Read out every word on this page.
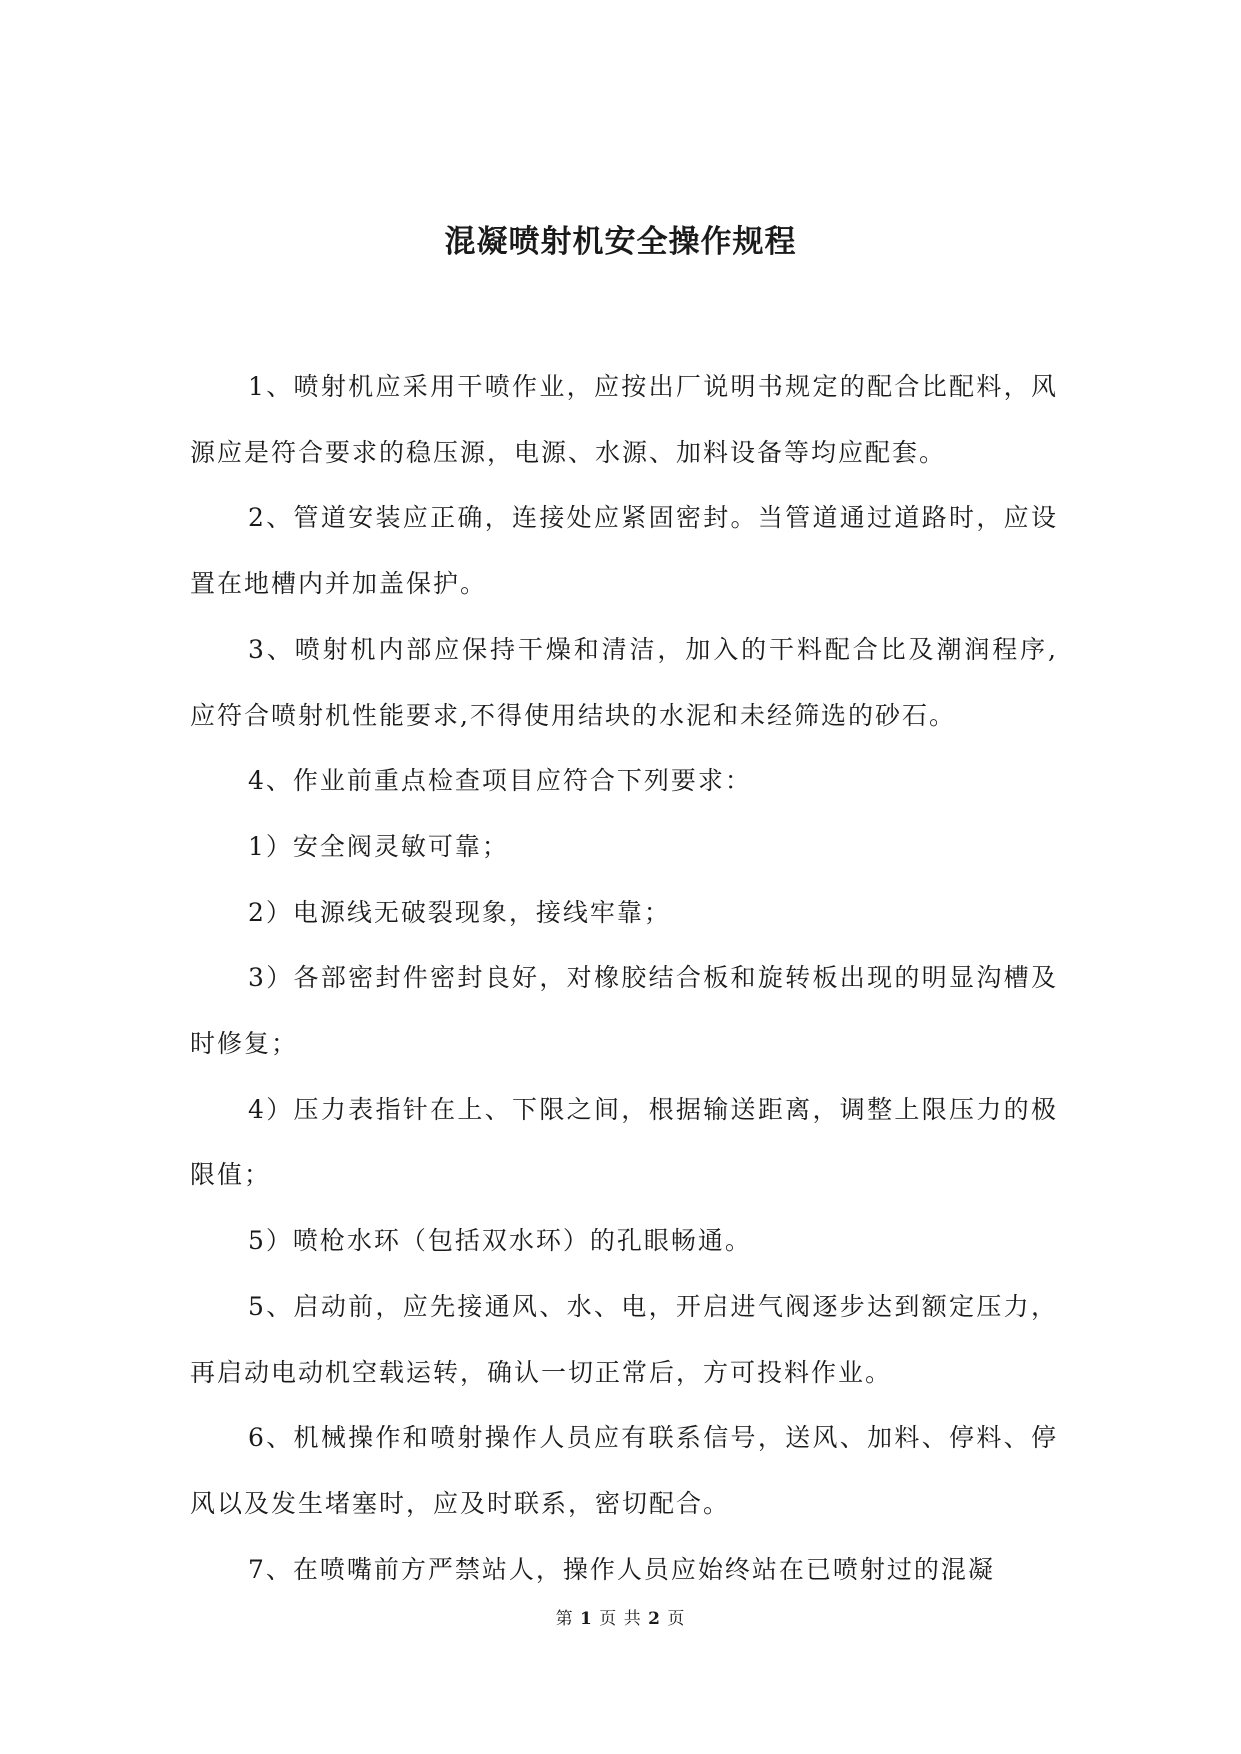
混凝喷射机安全操作规程

1、喷射机应采用干喷作业，应按出厂说明书规定的配合比配料，风源应是符合要求的稳压源，电源、水源、加料设备等均应配套。

2、管道安装应正确，连接处应紧固密封。当管道通过道路时，应设置在地槽内并加盖保护。

3、喷射机内部应保持干燥和清洁，加入的干料配合比及潮润程序,应符合喷射机性能要求,不得使用结块的水泥和未经筛选的砂石。

4、作业前重点检查项目应符合下列要求：

1）安全阀灵敏可靠；

2）电源线无破裂现象，接线牢靠；

3）各部密封件密封良好，对橡胶结合板和旋转板出现的明显沟槽及时修复；

4）压力表指针在上、下限之间，根据输送距离，调整上限压力的极限值；

5）喷枪水环（包括双水环）的孔眼畅通。

5、启动前，应先接通风、水、电，开启进气阀逐步达到额定压力，再启动电动机空载运转，确认一切正常后，方可投料作业。

6、机械操作和喷射操作人员应有联系信号，送风、加料、停料、停风以及发生堵塞时，应及时联系，密切配合。

7、在喷嘴前方严禁站人，操作人员应始终站在已喷射过的混凝

第 1 页 共 2 页
